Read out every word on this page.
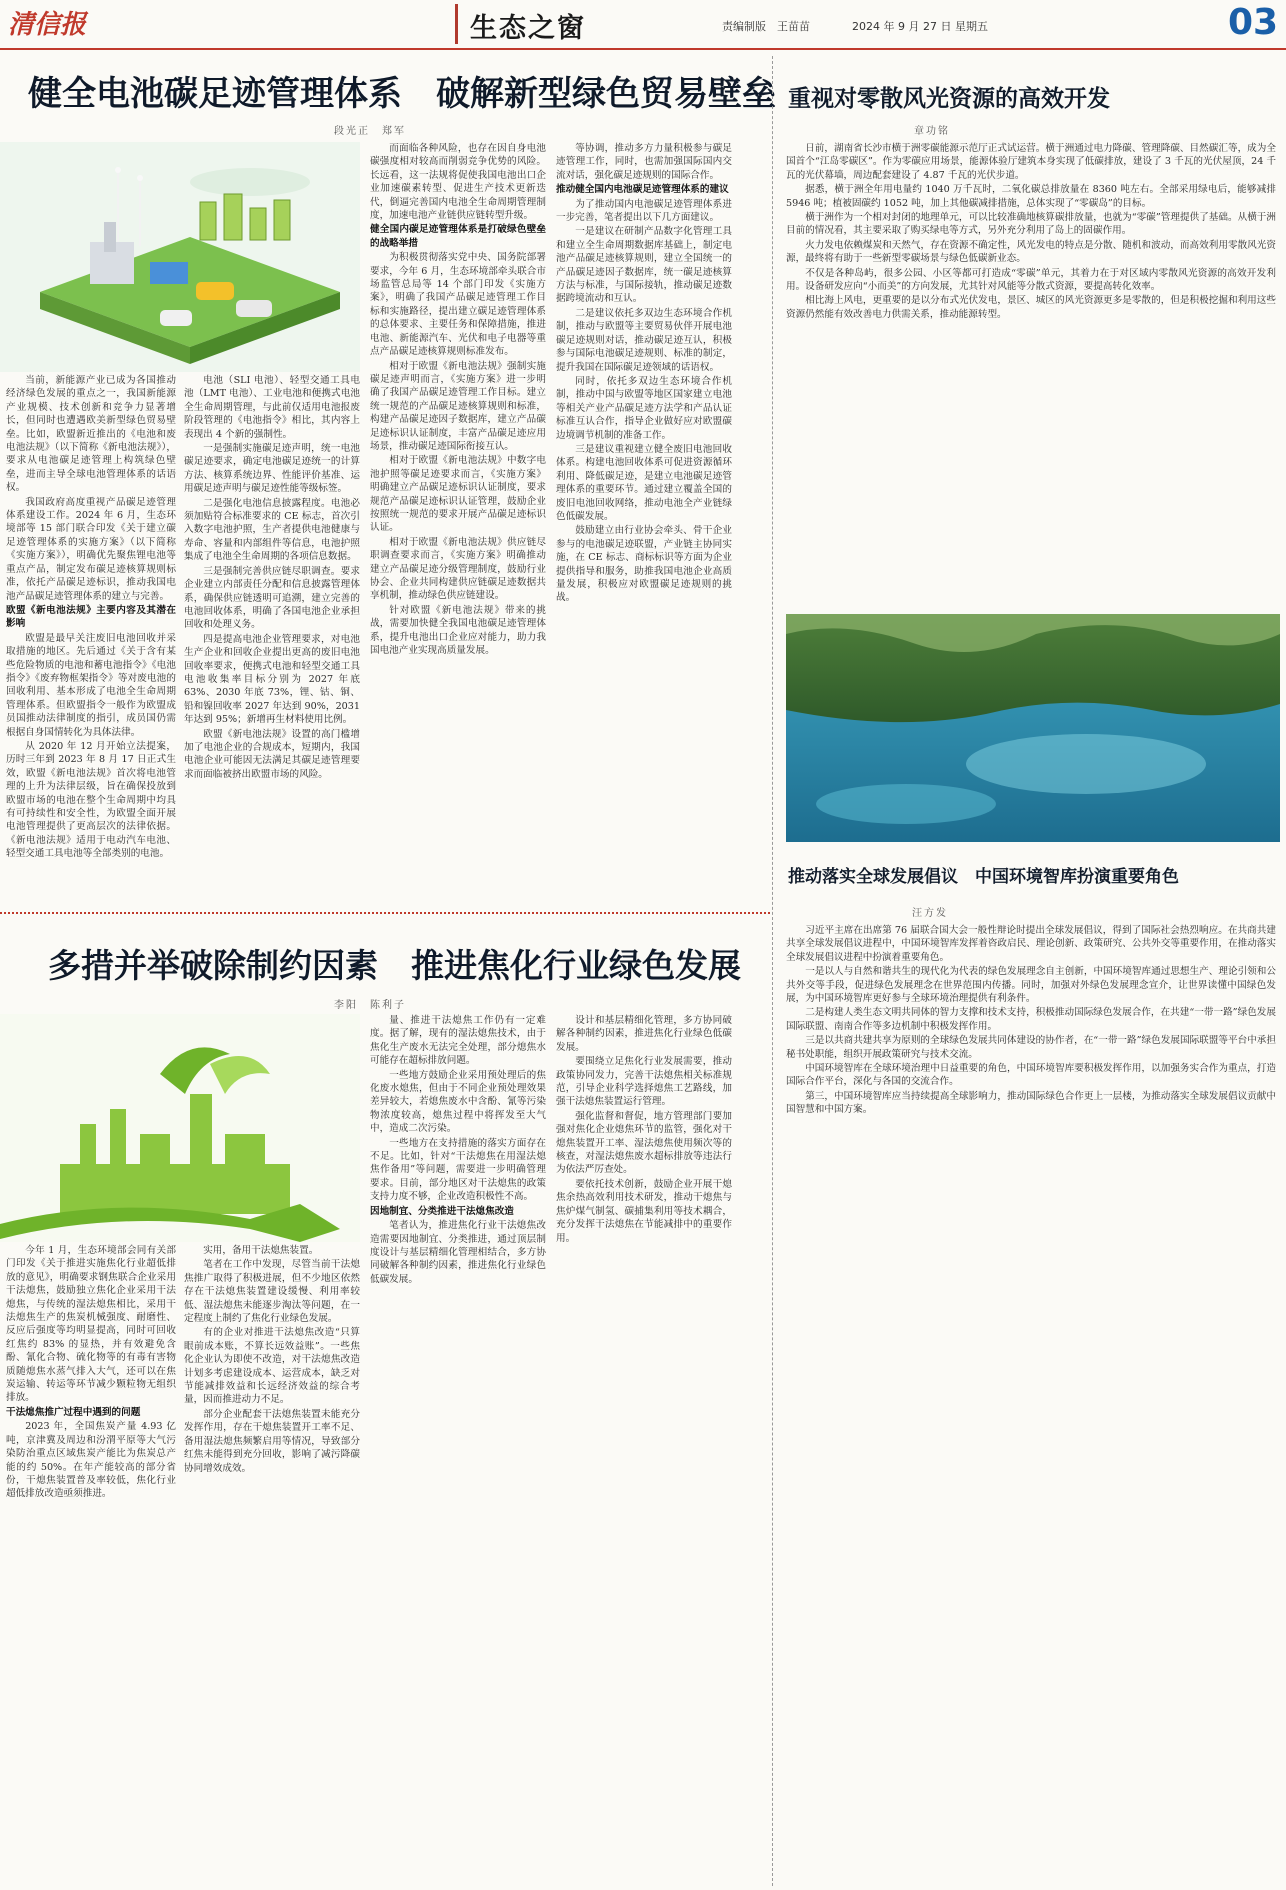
清信报	生态之窗	责编制版　王苗苗	2024 年 9 月 27 日 星期五	03
健全电池碳足迹管理体系　破解新型绿色贸易壁垒
段光正　郑军

当前，新能源产业已成为各国推动经济绿色发展的重点之一，我国新能源产业规模、技术创新和竞争力显著增长，但同时也遭遇欧美新型绿色贸易壁垒。比如，欧盟新近推出的《电池和废电池法规》（以下简称《新电池法规》），要求从电池碳足迹管理上构筑绿色壁垒，进而主导全球电池管理体系的话语权。

我国政府高度重视产品碳足迹管理体系建设工作。2024 年 6 月，生态环境部等 15 部门联合印发《关于建立碳足迹管理体系的实施方案》（以下简称《实施方案》），明确优先聚焦锂电池等重点产品，制定发布碳足迹核算规则标准，依托产品碳足迹标识，推动我国电池产品碳足迹管理体系的建立与完善。

欧盟《新电池法规》主要内容及其潜在影响

欧盟是最早关注废旧电池回收并采取措施的地区。先后通过《关于含有某些危险物质的电池和蓄电池指令》《电池指令》《废弃物框架指令》等对废电池的回收利用、基本形成了电池全生命周期管理体系。但欧盟指令一般作为欧盟成员国推动法律制度的指引，成员国仍需根据自身国情转化为具体法律。

从 2020 年 12 月开始立法提案，历时三年到 2023 年 8 月 17 日正式生效，欧盟《新电池法规》首次将电池管理的上升为法律层级，旨在确保投放到欧盟市场的电池在整个生命周期中均具有可持续性和安全性，为欧盟全面开展电池管理提供了更高层次的法律依据。《新电池法规》适用于电动汽车电池、轻型交通工具电池等全部类别的电池。

电池（SLI 电池）、轻型交通工具电池（LMT 电池）、工业电池和便携式电池全生命周期管理，与此前仅适用电池报废阶段管理的《电池指令》相比，其内容上表现出 4 个新的强制性。

一是强制实施碳足迹声明，统一电池碳足迹要求，确定电池碳足迹统一的计算方法、核算系统边界、性能评价基准、运用碳足迹声明与碳足迹性能等级标签。

二是强化电池信息披露程度。电池必须加贴符合标准要求的 CE 标志，首次引入数字电池护照，生产者提供电池健康与寿命、容量和内部组件等信息，电池护照集成了电池全生命周期的各项信息数据。

三是强制完善供应链尽职调查。要求企业建立内部责任分配和信息披露管理体系，确保供应链透明可追溯，建立完善的电池回收体系，明确了各国电池企业承担回收和处理义务。

四是提高电池企业管理要求，对电池生产企业和回收企业提出更高的废旧电池回收率要求，便携式电池和轻型交通工具电池收集率目标分别为 2027 年底 63%、2030 年底 73%，锂、钴、铜、铅和镍回收率 2027 年达到 90%，2031 年达到 95%；新增再生材料使用比例。

欧盟《新电池法规》设置的高门槛增加了电池企业的合规成本，短期内，我国电池企业可能因无法满足其碳足迹管理要求而面临被挤出欧盟市场的风险。

而面临各种风险，也存在因自身电池碳强度相对较高而削弱竞争优势的风险。长远看，这一法规将促使我国电池出口企业加速碳素转型、促进生产技术更新迭代，倒逼完善国内电池全生命周期管理制度，加速电池产业链供应链转型升级。

健全国内碳足迹管理体系是打破绿色壁垒的战略举措

为积极贯彻落实党中央、国务院部署要求，今年 6 月，生态环境部牵头联合市场监管总局等 14 个部门印发《实施方案》，明确了我国产品碳足迹管理工作目标和实施路径，提出建立碳足迹管理体系的总体要求、主要任务和保障措施，推进电池、新能源汽车、光伏和电子电器等重点产品碳足迹核算规则标准发布。

相对于欧盟《新电池法规》强制实施碳足迹声明而言，《实施方案》进一步明确了我国产品碳足迹管理工作目标。建立统一规范的产品碳足迹核算规则和标准，构建产品碳足迹因子数据库，建立产品碳足迹标识认证制度，丰富产品碳足迹应用场景，推动碳足迹国际衔接互认。

相对于欧盟《新电池法规》中数字电池护照等碳足迹要求而言，《实施方案》明确建立产品碳足迹标识认证制度，要求规范产品碳足迹标识认证管理，鼓励企业按照统一规范的要求开展产品碳足迹标识认证。

相对于欧盟《新电池法规》供应链尽职调查要求而言，《实施方案》明确推动建立产品碳足迹分级管理制度，鼓励行业协会、企业共同构建供应链碳足迹数据共享机制，推动绿色供应链建设。

针对欧盟《新电池法规》带来的挑战，需要加快健全我国电池碳足迹管理体系，提升电池出口企业应对能力，助力我国电池产业实现高质量发展。

等协调，推动多方力量积极参与碳足迹管理工作，同时，也需加强国际国内交流对话，强化碳足迹规则的国际合作。

推动健全国内电池碳足迹管理体系的建议

为了推动国内电池碳足迹管理体系进一步完善，笔者提出以下几方面建议。

一是建议在研制产品数字化管理工具和建立全生命周期数据库基础上，制定电池产品碳足迹核算规则，建立全国统一的产品碳足迹因子数据库，统一碳足迹核算方法与标准，与国际接轨，推动碳足迹数据跨境流动和互认。

二是建议依托多双边生态环境合作机制，推动与欧盟等主要贸易伙伴开展电池碳足迹规则对话，推动碳足迹互认，积极参与国际电池碳足迹规则、标准的制定，提升我国在国际碳足迹领域的话语权。

同时，依托多双边生态环境合作机制，推动中国与欧盟等地区国家建立电池等相关产业产品碳足迹方法学和产品认证标准互认合作，指导企业做好应对欧盟碳边境调节机制的准备工作。

三是建议重视建立健全废旧电池回收体系。构建电池回收体系可促进资源循环利用、降低碳足迹，是建立电池碳足迹管理体系的重要环节。通过建立覆盖全国的废旧电池回收网络，推动电池全产业链绿色低碳发展。

鼓励建立由行业协会牵头、骨干企业参与的电池碳足迹联盟，产业链主协同实施，在 CE 标志、商标标识等方面为企业提供指导和服务，助推我国电池企业高质量发展，积极应对欧盟碳足迹规则的挑战。

重视对零散风光资源的高效开发
章功铭

日前，湖南省长沙市横于洲零碳能源示范厅正式试运营。横于洲通过电力降碳、管理降碳、目然碳汇等，成为全国首个“江岛零碳区”。作为零碳应用场景，能源体验厅建筑本身实现了低碳排放，建设了 3 千瓦的光伏屋顶，24 千瓦的光伏幕墙，周边配套建设了 4.87 千瓦的光伏步道。

据悉，横于洲全年用电量约 1040 万千瓦时，二氧化碳总排放量在 8360 吨左右。全部采用绿电后，能够减排 5946 吨；植被固碳约 1052 吨，加上其他碳减排措施，总体实现了“零碳岛”的目标。

横于洲作为一个相对封闭的地理单元，可以比较准确地核算碳排放量，也就为“零碳”管理提供了基础。从横于洲目前的情况看，其主要采取了购买绿电等方式，另外充分利用了岛上的固碳作用。

火力发电依赖煤炭和天然气，存在资源不确定性，风光发电的特点是分散、随机和波动，而高效利用零散风光资源，最终将有助于一些新型零碳场景与绿色低碳新业态。

不仅是各种岛屿，很多公园、小区等都可打造成“零碳”单元，其着力在于对区域内零散风光资源的高效开发利用。设备研发应向“小而美”的方向发展，尤其针对风能等分散式资源，要提高转化效率。

相比海上风电，更重要的是以分布式光伏发电，景区、城区的风光资源更多是零散的，但是积极挖掘和利用这些资源仍然能有效改善电力供需关系，推动能源转型。

推动落实全球发展倡议　中国环境智库扮演重要角色
汪方发

习近平主席在出席第 76 届联合国大会一般性辩论时提出全球发展倡议，得到了国际社会热烈响应。在共商共建共享全球发展倡议进程中，中国环境智库发挥着咨政启民、理论创新、政策研究、公共外交等重要作用，在推动落实全球发展倡议进程中扮演着重要角色。

一是以人与自然和谐共生的现代化为代表的绿色发展理念自主创新，中国环境智库通过思想生产、理论引领和公共外交等手段，促进绿色发展理念在世界范围内传播。同时，加强对外绿色发展理念宣介，让世界读懂中国绿色发展，为中国环境智库更好参与全球环境治理提供有利条件。

二是构建人类生态文明共同体的智力支撑和技术支持，积极推动国际绿色发展合作，在共建“一带一路”绿色发展国际联盟、南南合作等多边机制中积极发挥作用。

三是以共商共建共享为原则的全球绿色发展共同体建设的协作者，在“一带一路”绿色发展国际联盟等平台中承担秘书处职能，组织开展政策研究与技术交流。

中国环境智库在全球环境治理中日益重要的角色，中国环境智库要积极发挥作用，以加强务实合作为重点，打造国际合作平台，深化与各国的交流合作。

第三，中国环境智库应当持续提高全球影响力，推动国际绿色合作更上一层楼，为推动落实全球发展倡议贡献中国智慧和中国方案。

多措并举破除制约因素　推进焦化行业绿色发展
李阳　陈利子

今年 1 月，生态环境部会同有关部门印发《关于推进实施焦化行业超低排放的意见》，明确要求钢焦联合企业采用干法熄焦，鼓励独立焦化企业采用干法熄焦，与传统的湿法熄焦相比，采用干法熄焦生产的焦炭机械强度、耐磨性、反应后强度等均明显提高，同时可回收红焦约 83% 的显热，并有效避免含酚、氰化合物、硫化物等的有毒有害物质随熄焦水蒸气排入大气，还可以在焦炭运输、转运等环节减少颗粒物无组织排放。

干法熄焦推广过程中遇到的问题

2023 年，全国焦炭产量 4.93 亿吨，京津冀及周边和汾渭平原等大气污染防治重点区域焦炭产能比为焦炭总产能的约 50%。在年产能较高的部分省份，干熄焦装置普及率较低，焦化行业超低排放改造亟须推进。

实用，备用干法熄焦装置。

笔者在工作中发现，尽管当前干法熄焦推广取得了积极进展，但不少地区依然存在干法熄焦装置建设缓慢、利用率较低、湿法熄焦未能逐步淘汰等问题，在一定程度上制约了焦化行业绿色发展。

有的企业对推进干法熄焦改造“只算眼前成本账，不算长远效益账”。一些焦化企业认为即使不改造，对干法熄焦改造计划多考虑建设成本、运营成本，缺乏对节能减排效益和长远经济效益的综合考量，因而推进动力不足。

部分企业配套干法熄焦装置未能充分发挥作用，存在干熄焦装置开工率不足、备用湿法熄焦频繁启用等情况，导致部分红焦未能得到充分回收，影响了减污降碳协同增效成效。

量、推进干法熄焦工作仍有一定难度。据了解，现有的湿法熄焦技术，由于焦化生产废水无法完全处理，部分熄焦水可能存在超标排放问题。

一些地方鼓励企业采用预处理后的焦化废水熄焦，但由于不同企业预处理效果差异较大，若熄焦废水中含酚、氰等污染物浓度较高，熄焦过程中将挥发至大气中，造成二次污染。

一些地方在支持措施的落实方面存在不足。比如，针对“干法熄焦在用湿法熄焦作备用”等问题，需要进一步明确管理要求。目前，部分地区对干法熄焦的政策支持力度不够，企业改造积极性不高。

因地制宜、分类推进干法熄焦改造

笔者认为，推进焦化行业干法熄焦改造需要因地制宜、分类推进，通过顶层制度设计与基层精细化管理相结合，多方协同破解各种制约因素，推进焦化行业绿色低碳发展。

设计和基层精细化管理，多方协同破解各种制约因素，推进焦化行业绿色低碳发展。

要围绕立足焦化行业发展需要，推动政策协同发力，完善干法熄焦相关标准规范，引导企业科学选择熄焦工艺路线，加强干法熄焦装置运行管理。

强化监督和督促，地方管理部门要加强对焦化企业熄焦环节的监管，强化对干熄焦装置开工率、湿法熄焦使用频次等的核查，对湿法熄焦废水超标排放等违法行为依法严厉查处。

要依托技术创新，鼓励企业开展干熄焦余热高效利用技术研发，推动干熄焦与焦炉煤气制氢、碳捕集利用等技术耦合，充分发挥干法熄焦在节能减排中的重要作用。
